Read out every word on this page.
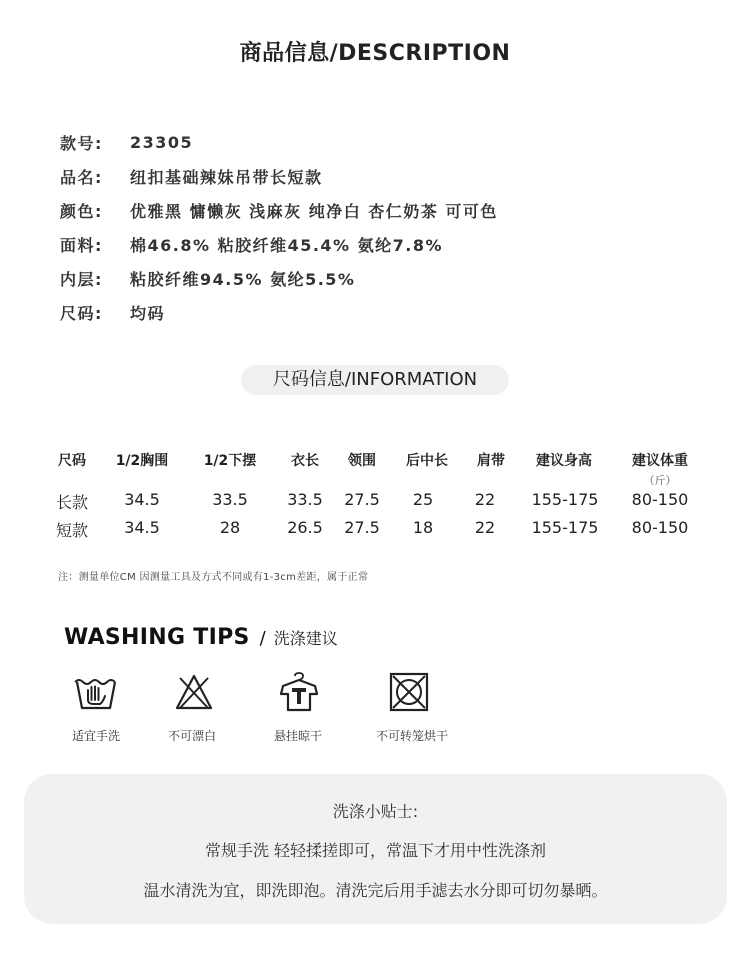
商品信息/DESCRIPTION
款号:	23305
品名:	纽扣基础辣妹吊带长短款
颜色:	优雅黑 慵懒灰 浅麻灰 纯净白 杏仁奶茶 可可色
面料:	棉46.8% 粘胶纤维45.4% 氨纶7.8%
内层:	粘胶纤维94.5% 氨纶5.5%
尺码:	均码
尺码信息/INFORMATION
尺码 1/2胸围	1/2下摆 衣长 领围 后中长 肩带 建议身高	建议体重
（斤）
长款 34.5	33.5 33.5 27.5 25	22 155-175 80-150
短款 34.5	28	26.5 27.5 18	22 155-175 80-150
注：测量单位CM 因测量工具及方式不同或有1-3cm差距，属于正常
WASHING TIPS / 洗涤建议
适宜手洗	不可漂白	悬挂晾干	不可转笼烘干
洗涤小贴士:
常规手洗 轻轻揉搓即可，常温下才用中性洗涤剂
温水清洗为宜，即洗即泡。清洗完后用手滤去水分即可切勿暴晒。
